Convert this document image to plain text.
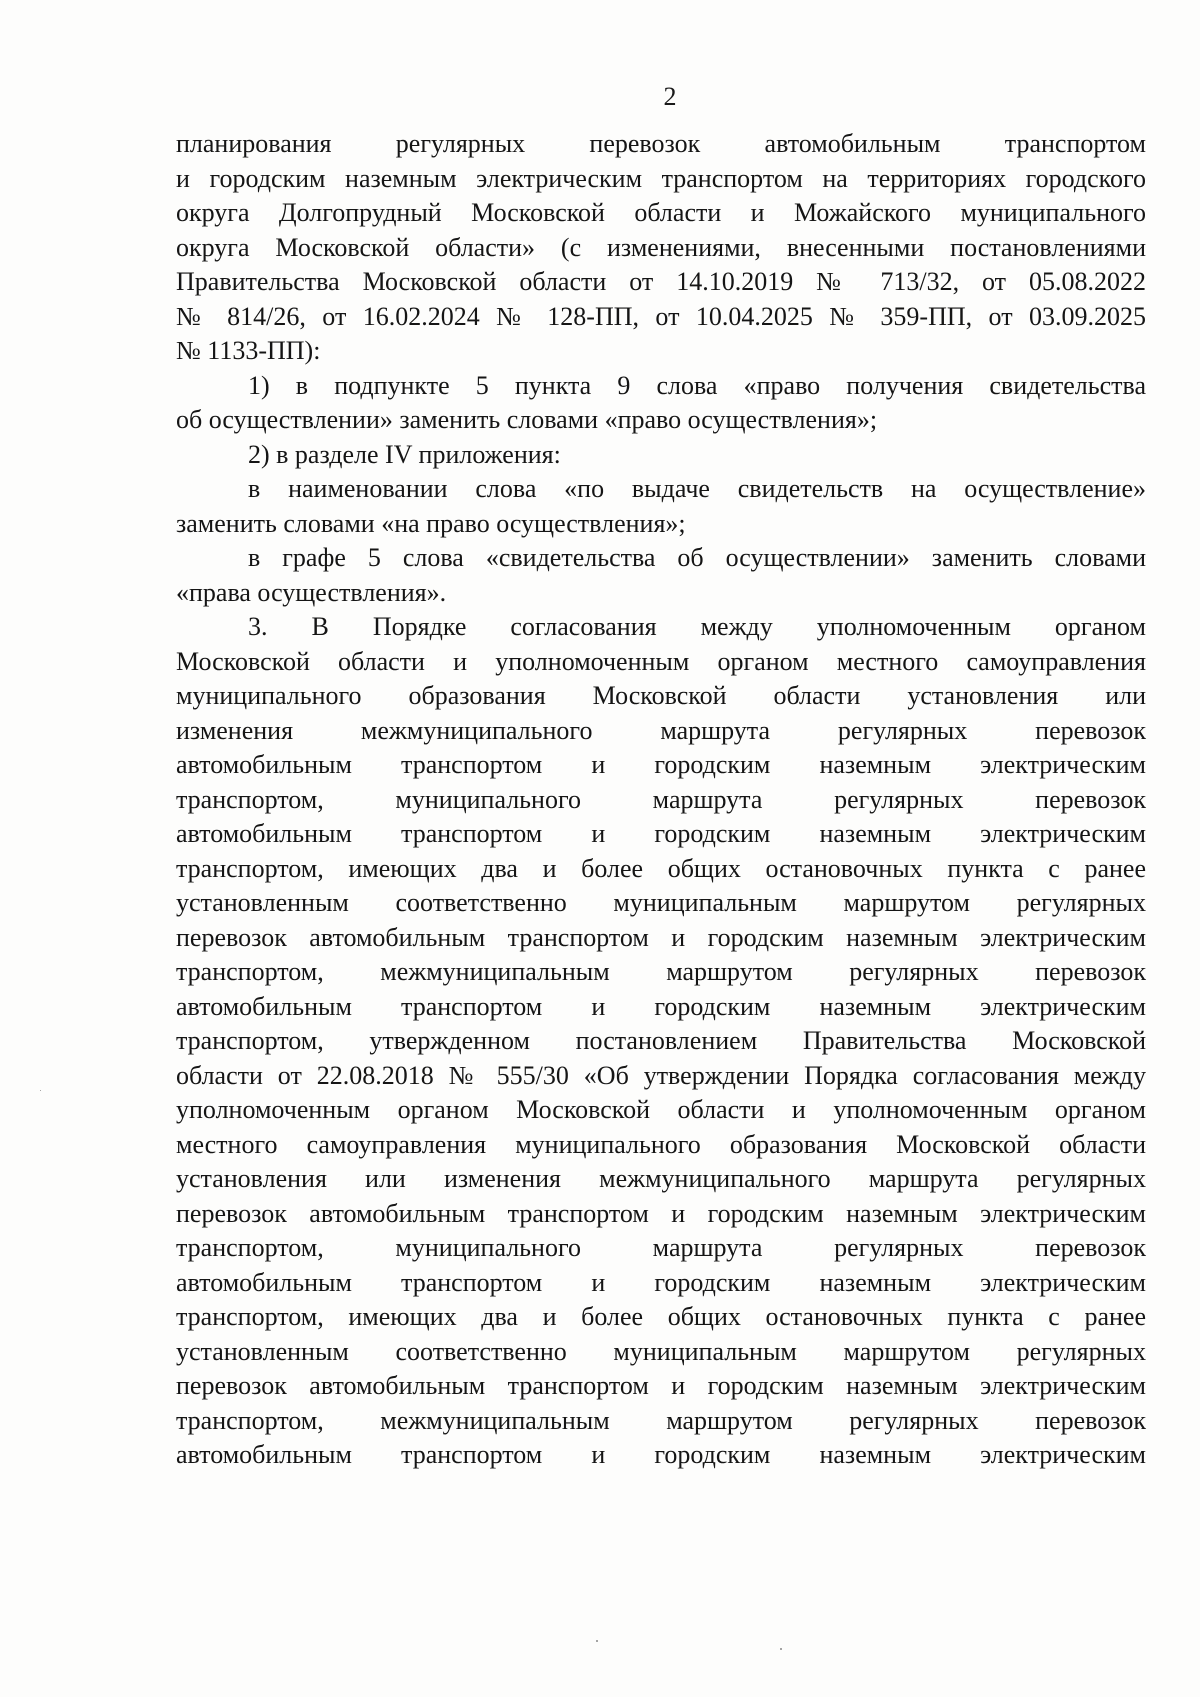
2
планирования регулярных перевозок автомобильным транспортом
и городским наземным электрическим транспортом на территориях городского
округа Долгопрудный Московской области и Можайского муниципального
округа Московской области» (с изменениями, внесенными постановлениями
Правительства Московской области от 14.10.2019 № 713/32, от 05.08.2022
№ 814/26, от 16.02.2024 № 128-ПП, от 10.04.2025 № 359-ПП, от 03.09.2025
№ 1133-ПП):
1) в подпункте 5 пункта 9 слова «право получения свидетельства
об осуществлении» заменить словами «право осуществления»;
2) в разделе IV приложения:
в наименовании слова «по выдаче свидетельств на осуществление»
заменить словами «на право осуществления»;
в графе 5 слова «свидетельства об осуществлении» заменить словами
«права осуществления».
3. В Порядке согласования между уполномоченным органом
Московской области и уполномоченным органом местного самоуправления
муниципального образования Московской области установления или
изменения межмуниципального маршрута регулярных перевозок
автомобильным транспортом и городским наземным электрическим
транспортом, муниципального маршрута регулярных перевозок
автомобильным транспортом и городским наземным электрическим
транспортом, имеющих два и более общих остановочных пункта с ранее
установленным соответственно муниципальным маршрутом регулярных
перевозок автомобильным транспортом и городским наземным электрическим
транспортом, межмуниципальным маршрутом регулярных перевозок
автомобильным транспортом и городским наземным электрическим
транспортом, утвержденном постановлением Правительства Московской
области от 22.08.2018 № 555/30 «Об утверждении Порядка согласования между
уполномоченным органом Московской области и уполномоченным органом
местного самоуправления муниципального образования Московской области
установления или изменения межмуниципального маршрута регулярных
перевозок автомобильным транспортом и городским наземным электрическим
транспортом, муниципального маршрута регулярных перевозок
автомобильным транспортом и городским наземным электрическим
транспортом, имеющих два и более общих остановочных пункта с ранее
установленным соответственно муниципальным маршрутом регулярных
перевозок автомобильным транспортом и городским наземным электрическим
транспортом, межмуниципальным маршрутом регулярных перевозок
автомобильным транспортом и городским наземным электрическим
